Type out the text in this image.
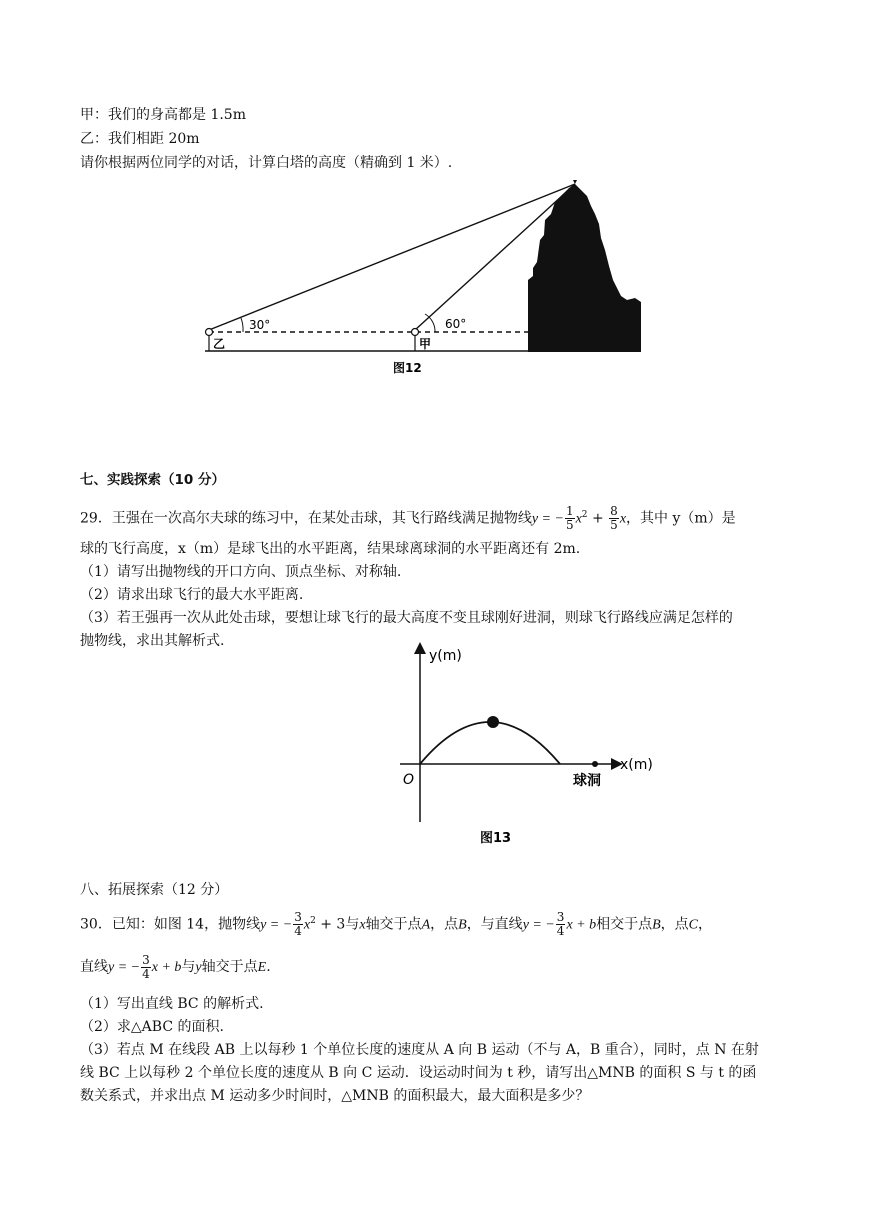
甲：我们的身高都是 1.5m
乙：我们相距 20m
请你根据两位同学的对话，计算白塔的高度（精确到 1 米）.
30°	60°
乙	甲
图12
七、实践探索（10 分）
29．王强在一次高尔夫球的练习中，在某处击球，其飞行路线满足抛物线y = − $\frac{1}{5} x^2 + \frac{8}{5}$ x，其中 y（m）是
球的飞行高度，x（m）是球飞出的水平距离，结果球离球洞的水平距离还有 2m.
（1）请写出抛物线的开口方向、顶点坐标、对称轴.
（2）请求出球飞行的最大水平距离.
（3）若王强再一次从此处击球，要想让球飞行的最大高度不变且球刚好进洞，则球飞行路线应满足怎样的
抛物线，求出其解析式.
y(m)
x(m)
O	球洞
图13
八、拓展探索（12 分）
30．已知：如图 14，抛物线y = − $\frac{3}{4} x^2 + 3$与x轴交于点A，点B，与直线y = − $\frac{3}{4}$ x + b相交于点B，点C，
直线y = − $\frac{3}{4}$ x + b与y轴交于点E.
（1）写出直线 BC 的解析式.
（2）求△ABC 的面积.
（3）若点 M 在线段 AB 上以每秒 1 个单位长度的速度从 A 向 B 运动（不与 A，B 重合），同时，点 N 在射
线 BC 上以每秒 2 个单位长度的速度从 B 向 C 运动．设运动时间为 t 秒，请写出△MNB 的面积 S 与 t 的函
数关系式，并求出点 M 运动多少时间时，△MNB 的面积最大，最大面积是多少？
